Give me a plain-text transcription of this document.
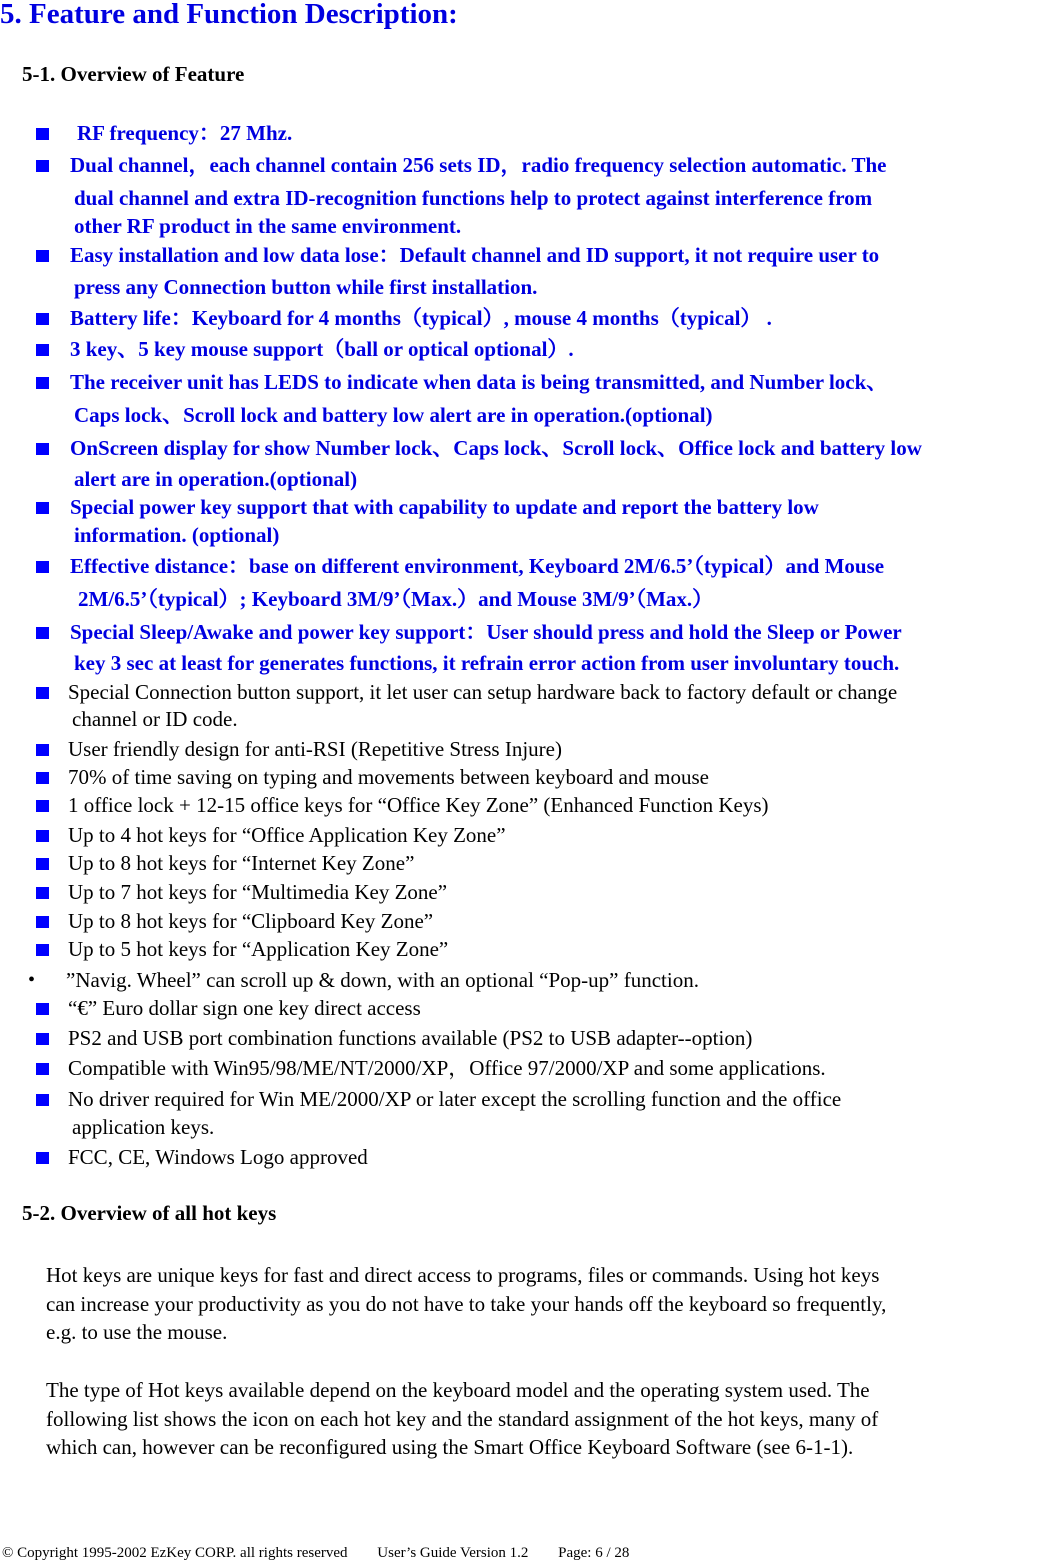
5. Feature and Function Description:
5-1. Overview of Feature
RF frequency：27 Mhz.
Dual channel，each channel contain 256 sets ID，radio frequency selection automatic. The
dual channel and extra ID-recognition functions help to protect against interference from
other RF product in the same environment.
Easy installation and low data lose：Default channel and ID support, it not require user to
press any Connection button while first installation.
Battery life：Keyboard for 4 months（typical）, mouse 4 months（typical） .
3 key、5 key mouse support（ball or optical optional）.
The receiver unit has LEDS to indicate when data is being transmitted, and Number lock、
Caps lock、Scroll lock and battery low alert are in operation.(optional)
OnScreen display for show Number lock、Caps lock、Scroll lock、Office lock and battery low
alert are in operation.(optional)
Special power key support that with capability to update and report the battery low
information. (optional)
Effective distance：base on different environment, Keyboard 2M/6.5’（typical）and Mouse
2M/6.5’（typical）; Keyboard 3M/9’（Max.）and Mouse 3M/9’（Max.）
Special Sleep/Awake and power key support：User should press and hold the Sleep or Power
key 3 sec at least for generates functions, it refrain error action from user involuntary touch.
Special Connection button support, it let user can setup hardware back to factory default or change
channel or ID code.
User friendly design for anti-RSI (Repetitive Stress Injure)
70% of time saving on typing and movements between keyboard and mouse
1 office lock + 12-15 office keys for “Office Key Zone” (Enhanced Function Keys)
Up to 4 hot keys for “Office Application Key Zone”
Up to 8 hot keys for “Internet Key Zone”
Up to 7 hot keys for “Multimedia Key Zone”
Up to 8 hot keys for “Clipboard Key Zone”
Up to 5 hot keys for “Application Key Zone”
• ”Navig. Wheel” can scroll up & down, with an optional “Pop-up” function.
“€” Euro dollar sign one key direct access
PS2 and USB port combination functions available (PS2 to USB adapter--option)
Compatible with Win95/98/ME/NT/2000/XP，Office 97/2000/XP and some applications.
No driver required for Win ME/2000/XP or later except the scrolling function and the office
application keys.
FCC, CE, Windows Logo approved
5-2. Overview of all hot keys
Hot keys are unique keys for fast and direct access to programs, files or commands. Using hot keys
can increase your productivity as you do not have to take your hands off the keyboard so frequently,
e.g. to use the mouse.
The type of Hot keys available depend on the keyboard model and the operating system used. The
following list shows the icon on each hot key and the standard assignment of the hot keys, many of
which can, however can be reconfigured using the Smart Office Keyboard Software (see 6-1-1).
© Copyright 1995-2002 EzKey CORP. all rights reserved User’s Guide Version 1.2 Page: 6 / 28
